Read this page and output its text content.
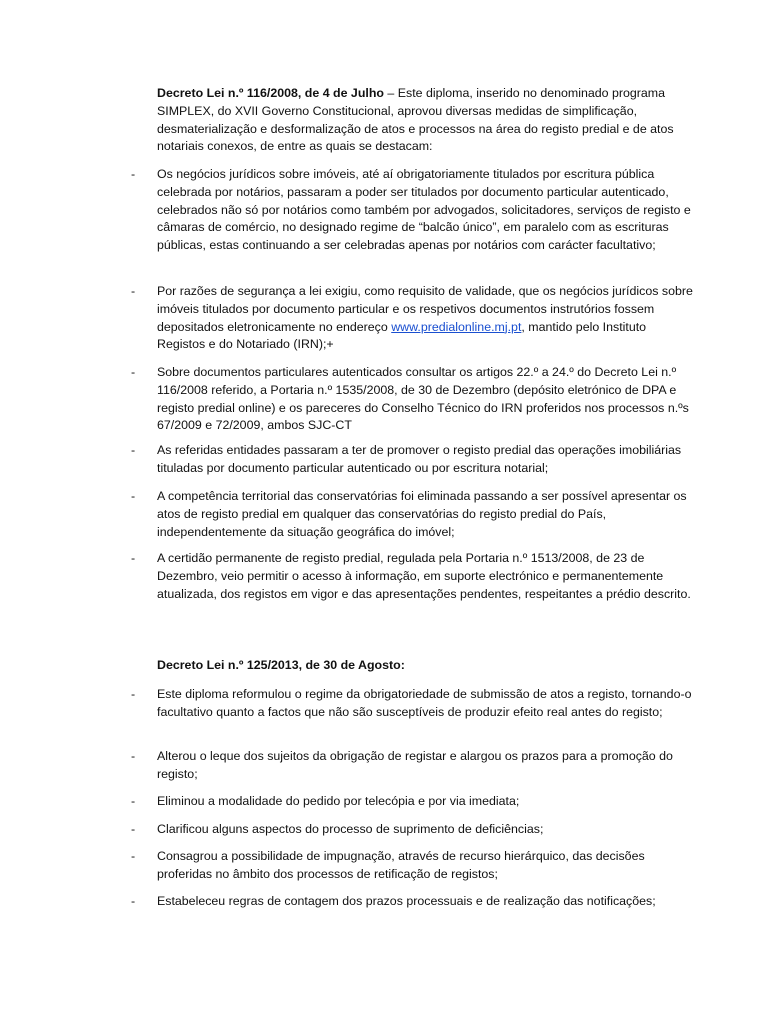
Decreto Lei n.º 116/2008, de 4 de Julho – Este diploma, inserido no denominado programa SIMPLEX, do XVII Governo Constitucional, aprovou diversas medidas de simplificação, desmaterialização e desformalização de atos e processos na área do registo predial e de atos notariais conexos, de entre as quais se destacam:

- Os negócios jurídicos sobre imóveis, até aí obrigatoriamente titulados por escritura pública celebrada por notários, passaram a poder ser titulados por documento particular autenticado, celebrados não só por notários como também por advogados, solicitadores, serviços de registo e câmaras de comércio, no designado regime de “balcão único”, em paralelo com as escrituras públicas, estas continuando a ser celebradas apenas por notários com carácter facultativo;
- Por razões de segurança a lei exigiu, como requisito de validade, que os negócios jurídicos sobre imóveis titulados por documento particular e os respetivos documentos instrutórios fossem depositados eletronicamente no endereço www.predialonline.mj.pt, mantido pelo Instituto Registos e do Notariado (IRN);+
- Sobre documentos particulares autenticados consultar os artigos 22.º a 24.º do Decreto Lei n.º 116/2008 referido, a Portaria n.º 1535/2008, de 30 de Dezembro (depósito eletrónico de DPA e registo predial online) e os pareceres do Conselho Técnico do IRN proferidos nos processos n.ºs 67/2009 e 72/2009, ambos SJC-CT
- As referidas entidades passaram a ter de promover o registo predial das operações imobiliárias tituladas por documento particular autenticado ou por escritura notarial;
- A competência territorial das conservatórias foi eliminada passando a ser possível apresentar os atos de registo predial em qualquer das conservatórias do registo predial do País, independentemente da situação geográfica do imóvel;
- A certidão permanente de registo predial, regulada pela Portaria n.º 1513/2008, de 23 de Dezembro, veio permitir o acesso à informação, em suporte electrónico e permanentemente atualizada, dos registos em vigor e das apresentações pendentes, respeitantes a prédio descrito.

Decreto Lei n.º 125/2013, de 30 de Agosto:

- Este diploma reformulou o regime da obrigatoriedade de submissão de atos a registo, tornando-o facultativo quanto a factos que não são susceptíveis de produzir efeito real antes do registo;
- Alterou o leque dos sujeitos da obrigação de registar e alargou os prazos para a promoção do registo;
- Eliminou a modalidade do pedido por telecópia e por via imediata;
- Clarificou alguns aspectos do processo de suprimento de deficiências;
- Consagrou a possibilidade de impugnação, através de recurso hierárquico, das decisões proferidas no âmbito dos processos de retificação de registos;
- Estabeleceu regras de contagem dos prazos processuais e de realização das notificações;
